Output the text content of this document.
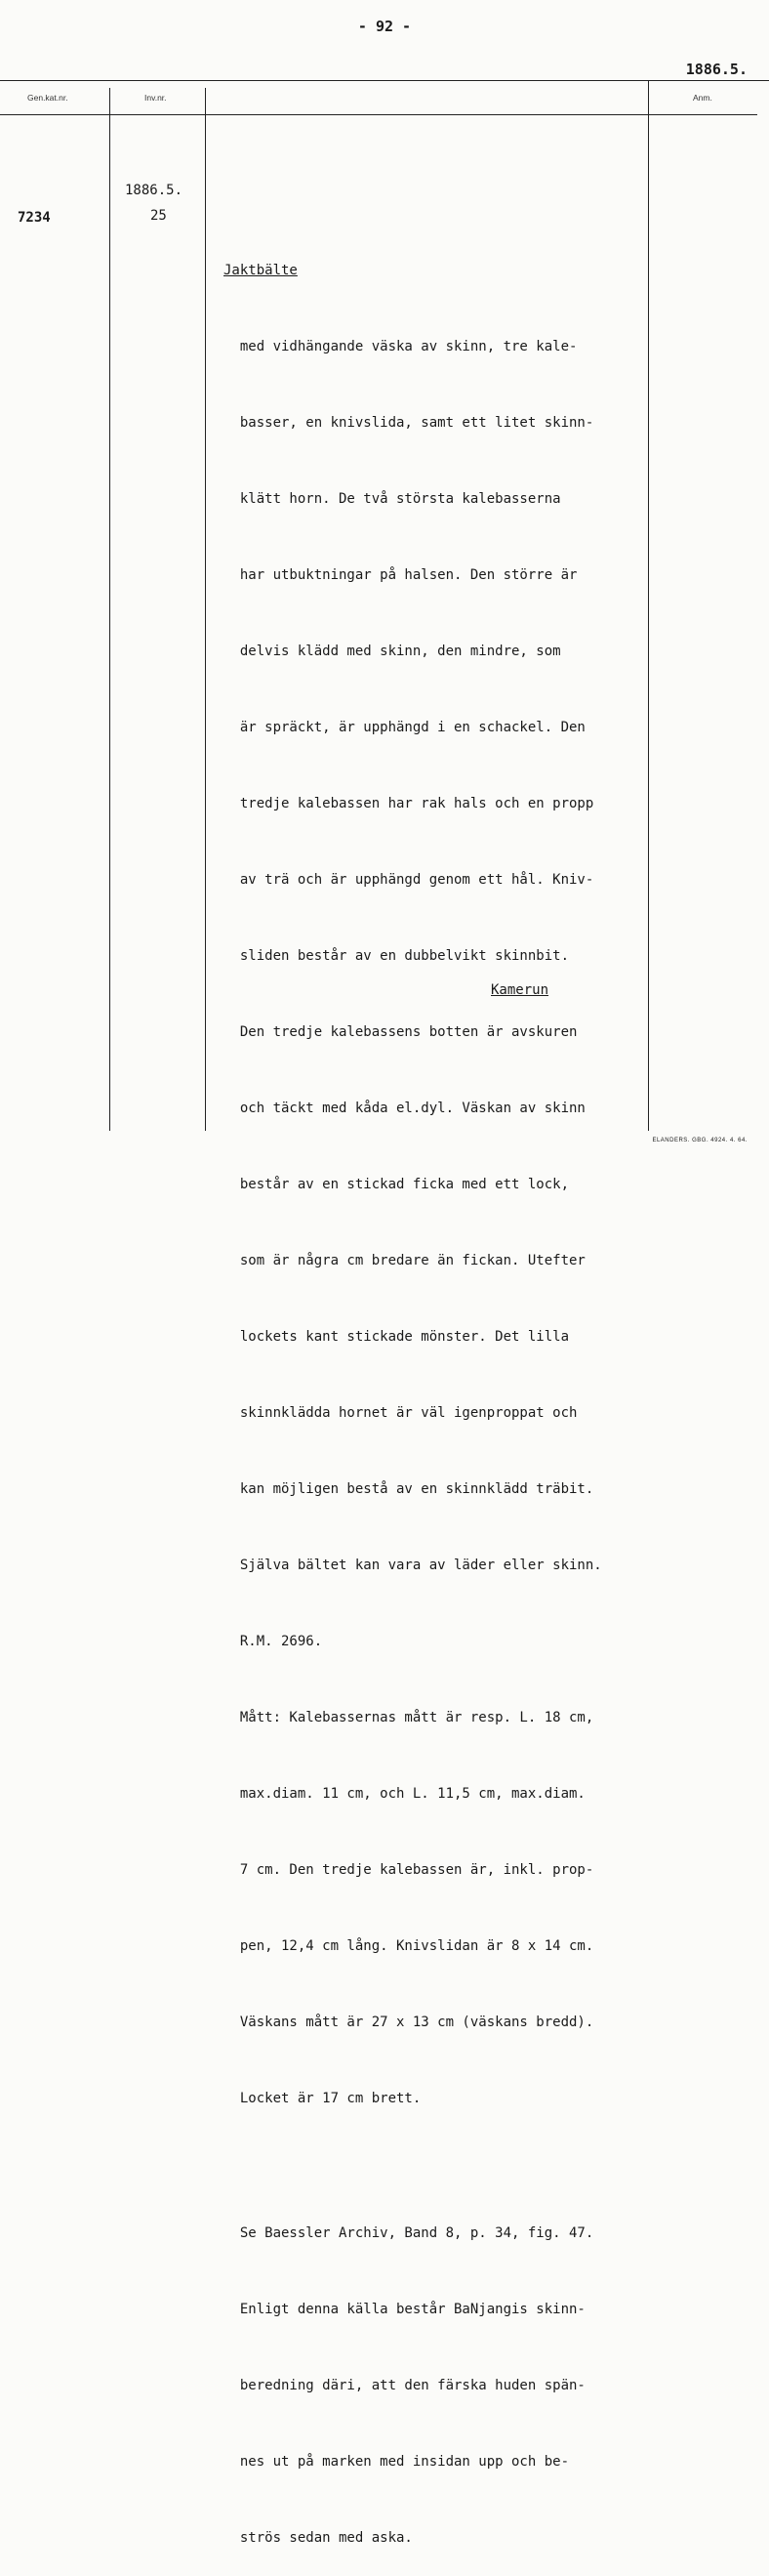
- 92 -
1886.5.
Gen.kat.nr.	Inv.nr.	Anm.
7234
1886.5.
25

Jaktbälte

med vidhängande väska av skinn, tre kale-

basser, en knivslida, samt ett litet skinn-

klätt horn. De två största kalebasserna

har utbuktningar på halsen. Den större är

delvis klädd med skinn, den mindre, som

är spräckt, är upphängd i en schackel. Den

tredje kalebassen har rak hals och en propp

av trä och är upphängd genom ett hål. Kniv-

sliden består av en dubbelvikt skinnbit.

Den tredje kalebassens botten är avskuren

och täckt med kåda el.dyl. Väskan av skinn

består av en stickad ficka med ett lock,

som är några cm bredare än fickan. Utefter

lockets kant stickade mönster. Det lilla

skinnklädda hornet är väl igenproppat och

kan möjligen bestå av en skinnklädd träbit.

Själva bältet kan vara av läder eller skinn.

R.M. 2696.

Mått: Kalebassernas mått är resp. L. 18 cm,

max.diam. 11 cm, och L. 11,5 cm, max.diam.

7 cm. Den tredje kalebassen är, inkl. prop-

pen, 12,4 cm lång. Knivslidan är 8 x 14 cm.

Väskans mått är 27 x 13 cm (väskans bredd).

Locket är 17 cm brett.

Se Baessler Archiv, Band 8, p. 34, fig. 47.

Enligt denna källa består BaNjangis skinn-

beredning däri, att den färska huden spän-

nes ut på marken med insidan upp och be-

strös sedan med aska.

Kamerun
ELANDERS. GBG. 4924. 4. 64.
